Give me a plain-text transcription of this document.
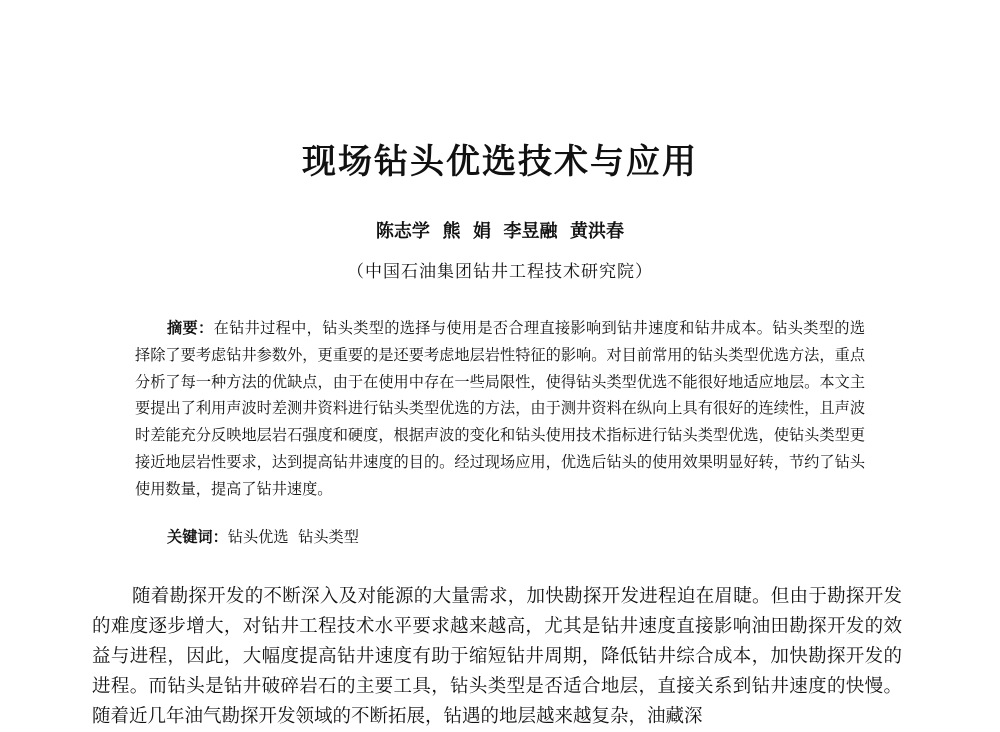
现场钻头优选技术与应用
陈志学  熊  娟  李昱融  黄洪春
（中国石油集团钻井工程技术研究院）

摘要：在钻井过程中，钻头类型的选择与使用是否合理直接影响到钻井速度和钻井成本。钻头类型的选择除了要考虑钻井参数外，更重要的是还要考虑地层岩性特征的影响。对目前常用的钻头类型优选方法，重点分析了每一种方法的优缺点，由于在使用中存在一些局限性，使得钻头类型优选不能很好地适应地层。本文主要提出了利用声波时差测井资料进行钻头类型优选的方法，由于测井资料在纵向上具有很好的连续性，且声波时差能充分反映地层岩石强度和硬度，根据声波的变化和钻头使用技术指标进行钻头类型优选，使钻头类型更接近地层岩性要求，达到提高钻井速度的目的。经过现场应用，优选后钻头的使用效果明显好转，节约了钻头使用数量，提高了钻井速度。

关键词：钻头优选  钻头类型

随着勘探开发的不断深入及对能源的大量需求，加快勘探开发进程迫在眉睫。但由于勘探开发的难度逐步增大，对钻井工程技术水平要求越来越高，尤其是钻井速度直接影响油田勘探开发的效益与进程，因此，大幅度提高钻井速度有助于缩短钻井周期，降低钻井综合成本，加快勘探开发的进程。而钻头是钻井破碎岩石的主要工具，钻头类型是否适合地层，直接关系到钻井速度的快慢。随着近几年油气勘探开发领域的不断拓展，钻遇的地层越来越复杂，油藏深
